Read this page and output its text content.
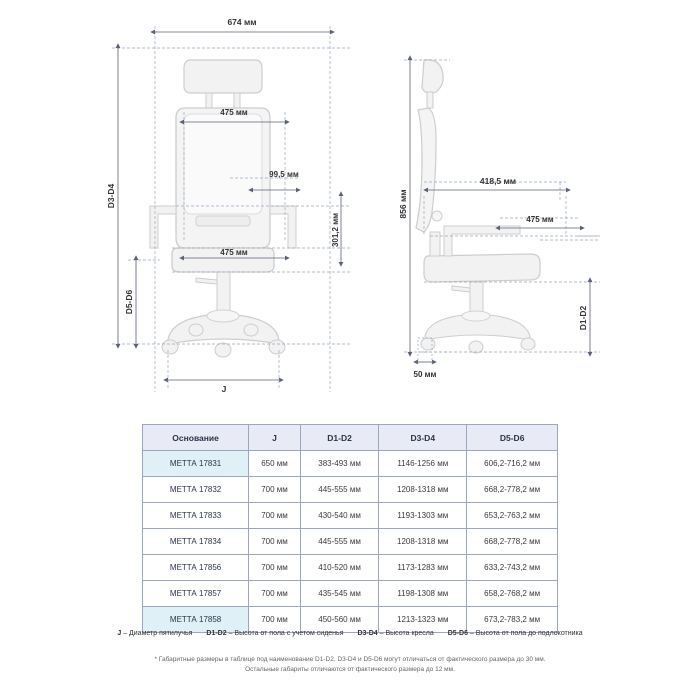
674 мм
475 мм
99,5 мм
475 мм
301,2 мм
D3-D4
D5-D6
J
856 мм
418,5 мм
475 мм
D1-D2
50 мм
Основание	J	D1-D2	D3-D4	D5-D6
МЕТТА 17831	650 мм	383-493 мм	1146-1256 мм	606,2-716,2 мм
МЕТТА 17832	700 мм	445-555 мм	1208-1318 мм	668,2-778,2 мм
МЕТТА 17833	700 мм	430-540 мм	1193-1303 мм	653,2-763,2 мм
МЕТТА 17834	700 мм	445-555 мм	1208-1318 мм	668,2-778,2 мм
МЕТТА 17856	700 мм	410-520 мм	1173-1283 мм	633,2-743,2 мм
МЕТТА 17857	700 мм	435-545 мм	1198-1308 мм	658,2-768,2 мм
МЕТТА 17858	700 мм	450-560 мм	1213-1323 мм	673,2-783,2 мм
J – Диаметр пятилучья D1-D2 – Высота от пола с учетом сиденья D3-D4 – Высота кресла D5-D6 – Высота от пола до подлокотника
* Габаритные размеры в таблице под наименование D1-D2, D3-D4 и D5-D6 могут отличаться от фактического размера до 30 мм.
Остальные габариты отличаются от фактического размера до 12 мм.
